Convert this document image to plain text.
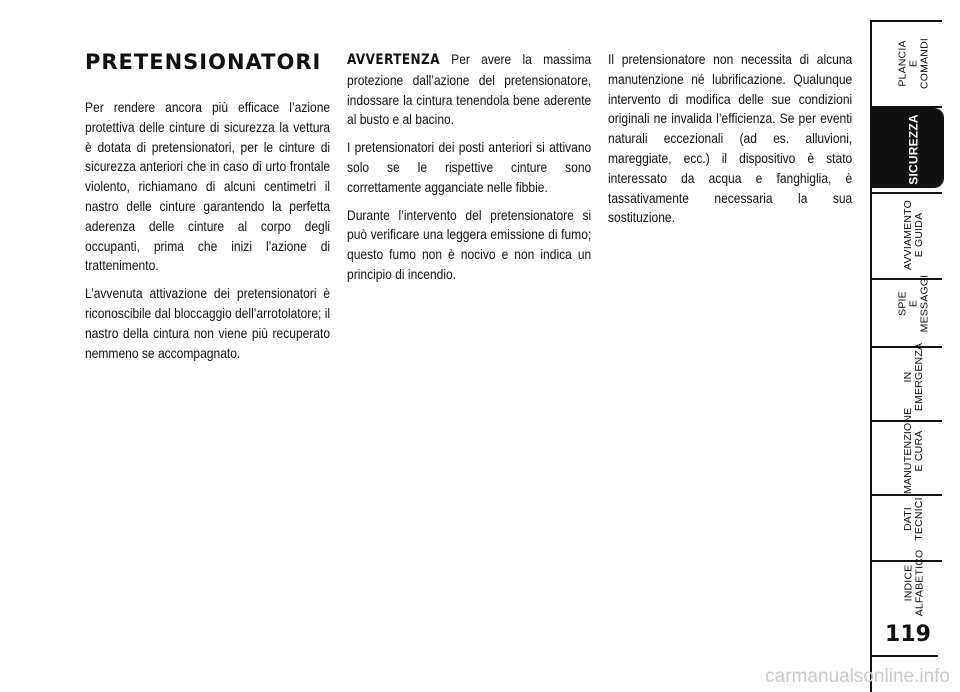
PRETENSIONATORI

Per rendere ancora più efficace l’azione protettiva delle cinture di sicurezza la vettura è dotata di pretensionatori, per le cinture di sicurezza anteriori che in caso di urto frontale violento, richiamano di alcuni centimetri il nastro delle cinture garantendo la perfetta aderenza delle cinture al corpo degli occupanti, prima che inizi l’azione di trattenimento.

L’avvenuta attivazione dei pretensionatori è riconoscibile dal bloccaggio dell’arrotolatore; il nastro della cintura non viene più recuperato nemmeno se accompagnato.

AVVERTENZA Per avere la massima protezione dall’azione del pretensionatore, indossare la cintura tenendola bene aderente al busto e al bacino.

I pretensionatori dei posti anteriori si attivano solo se le rispettive cinture sono correttamente agganciate nelle fibbie.

Durante l’intervento del pretensionatore si può verificare una leggera emissione di fumo; questo fumo non è nocivo e non indica un principio di incendio.

Il pretensionatore non necessita di alcuna manutenzione né lubrificazione. Qualunque intervento di modifica delle sue condizioni originali ne invalida l’efficienza. Se per eventi naturali eccezionali (ad es. alluvioni, mareggiate, ecc.) il dispositivo è stato interessato da acqua e fanghiglia, è tassativamente necessaria la sua sostituzione.

PLANCIA
E COMANDI
SICUREZZA
AVVIAMENTO
E GUIDA
SPIE
E MESSAGGI
IN EMERGENZA
MANUTENZIONE
E CURA
DATI TECNICI
INDICE
ALFABETICO
119
carmanualsonline.info
